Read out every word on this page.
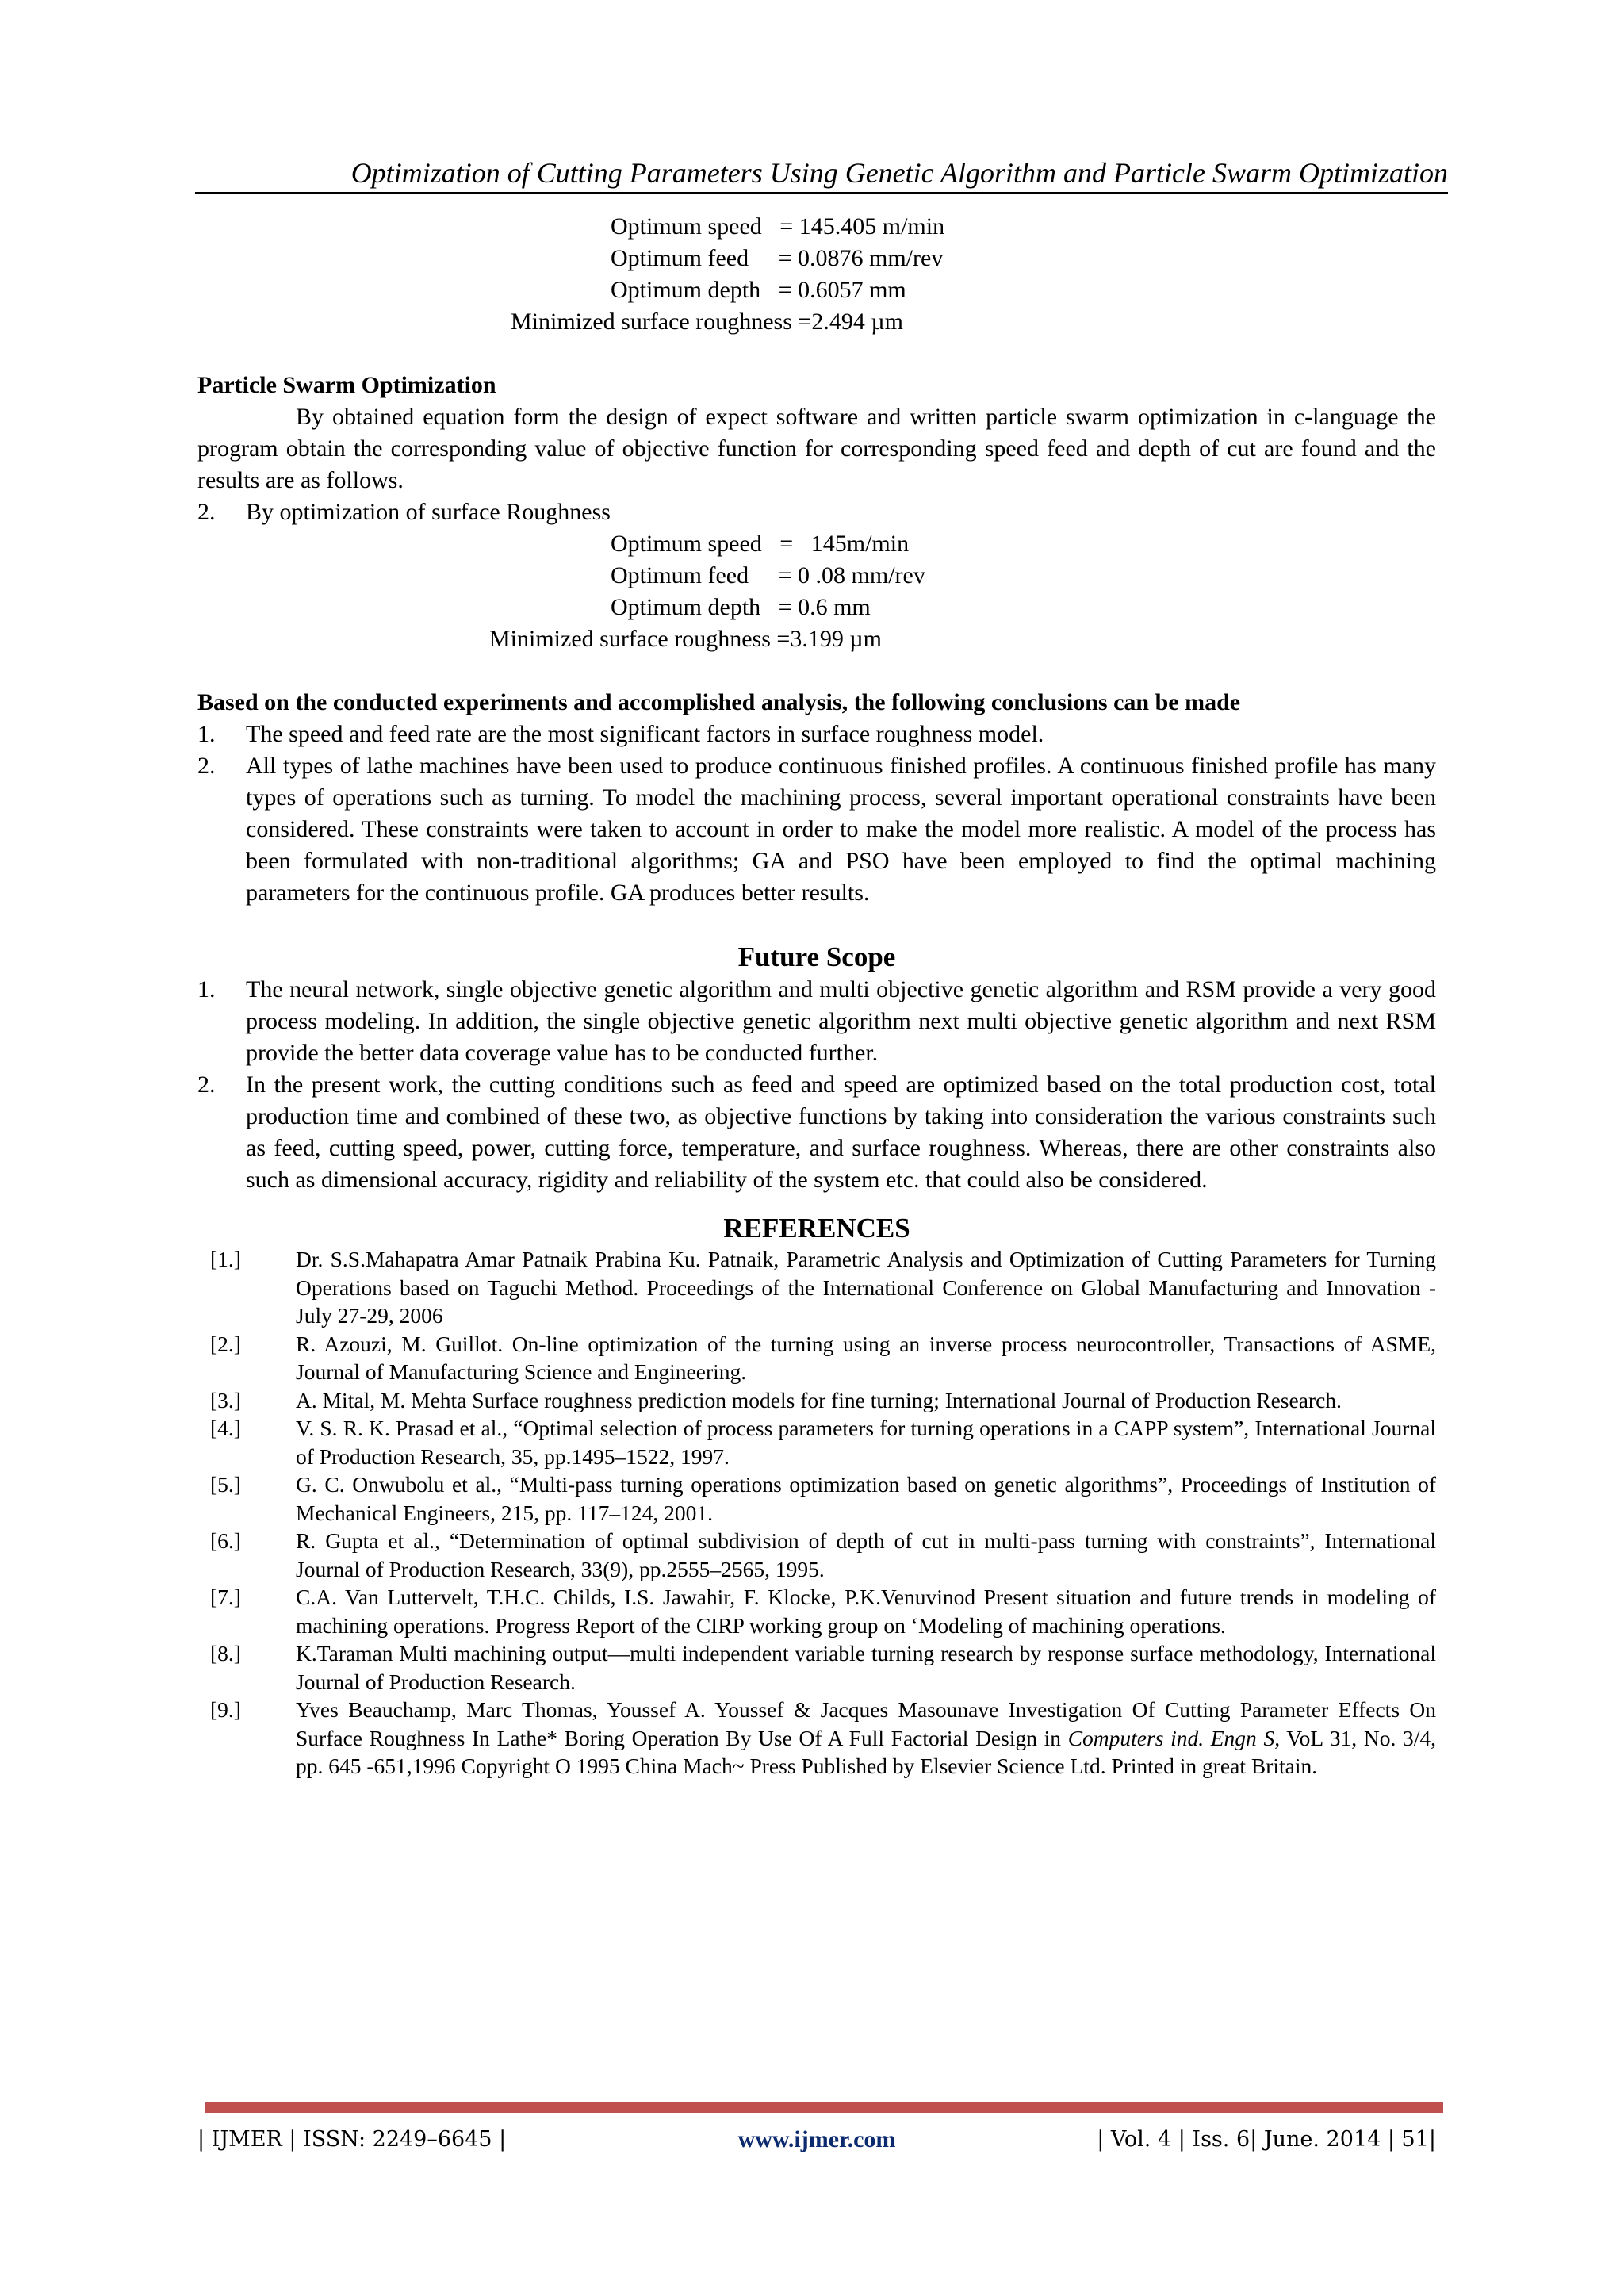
Optimization of Cutting Parameters Using Genetic Algorithm and Particle Swarm Optimization
Optimum speed   = 145.405 m/min
Optimum feed     = 0.0876 mm/rev
Optimum depth   = 0.6057 mm
Minimized surface roughness =2.494 µm
Particle Swarm Optimization

By obtained equation form the design of expect software and written particle swarm optimization in c-language the program obtain the corresponding value of objective function for corresponding speed feed and depth of cut are found and the results are as follows.

2. By optimization of surface Roughness
Optimum speed   =   145m/min
Optimum feed     = 0 .08 mm/rev
Optimum depth   = 0.6 mm
Minimized surface roughness =3.199 µm
Based on the conducted experiments and accomplished analysis, the following conclusions can be made
1. The speed and feed rate are the most significant factors in surface roughness model.
2. All types of lathe machines have been used to produce continuous finished profiles. A continuous finished profile has many types of operations such as turning. To model the machining process, several important operational constraints have been considered. These constraints were taken to account in order to make the model more realistic. A model of the process has been formulated with non-traditional algorithms; GA and PSO have been employed to find the optimal machining parameters for the continuous profile. GA produces better results.
Future Scope
1. The neural network, single objective genetic algorithm and multi objective genetic algorithm and RSM provide a very good process modeling. In addition, the single objective genetic algorithm next multi objective genetic algorithm and next RSM provide the better data coverage value has to be conducted further.
2. In the present work, the cutting conditions such as feed and speed are optimized based on the total production cost, total production time and combined of these two, as objective functions by taking into consideration the various constraints such as feed, cutting speed, power, cutting force, temperature, and surface roughness. Whereas, there are other constraints also such as dimensional accuracy, rigidity and reliability of the system etc. that could also be considered.
REFERENCES
[1.]	Dr. S.S.Mahapatra Amar Patnaik Prabina Ku. Patnaik, Parametric Analysis and Optimization of Cutting Parameters for Turning Operations based on Taguchi Method. Proceedings of the International Conference on Global Manufacturing and Innovation - July 27-29, 2006
[2.]	R. Azouzi, M. Guillot. On-line optimization of the turning using an inverse process neurocontroller, Transactions of ASME, Journal of Manufacturing Science and Engineering.
[3.]	A. Mital, M. Mehta Surface roughness prediction models for fine turning; International Journal of Production Research.
[4.]	V. S. R. K. Prasad et al., “Optimal selection of process parameters for turning operations in a CAPP system”, International Journal of Production Research, 35, pp.1495–1522, 1997.
[5.]	G. C. Onwubolu et al., “Multi-pass turning operations optimization based on genetic algorithms”, Proceedings of Institution of Mechanical Engineers, 215, pp. 117–124, 2001.
[6.]	R. Gupta et al., “Determination of optimal subdivision of depth of cut in multi-pass turning with constraints”, International Journal of Production Research, 33(9), pp.2555–2565, 1995.
[7.]	C.A. Van Luttervelt, T.H.C. Childs, I.S. Jawahir, F. Klocke, P.K.Venuvinod Present situation and future trends in modeling of machining operations. Progress Report of the CIRP working group on ‘Modeling of machining operations.
[8.]	K.Taraman Multi machining output—multi independent variable turning research by response surface methodology, International Journal of Production Research.
[9.]	Yves Beauchamp, Marc Thomas, Youssef A. Youssef & Jacques Masounave Investigation Of Cutting Parameter Effects On Surface Roughness In Lathe* Boring Operation By Use Of A Full Factorial Design in Computers ind. Engn S, VoL 31, No. 3/4, pp. 645 -651,1996 Copyright O 1995 China Mach~ Press Published by Elsevier Science Ltd. Printed in great Britain.
| IJMER | ISSN: 2249–6645 |	www.ijmer.com	| Vol. 4 | Iss. 6| June. 2014 | 51|
